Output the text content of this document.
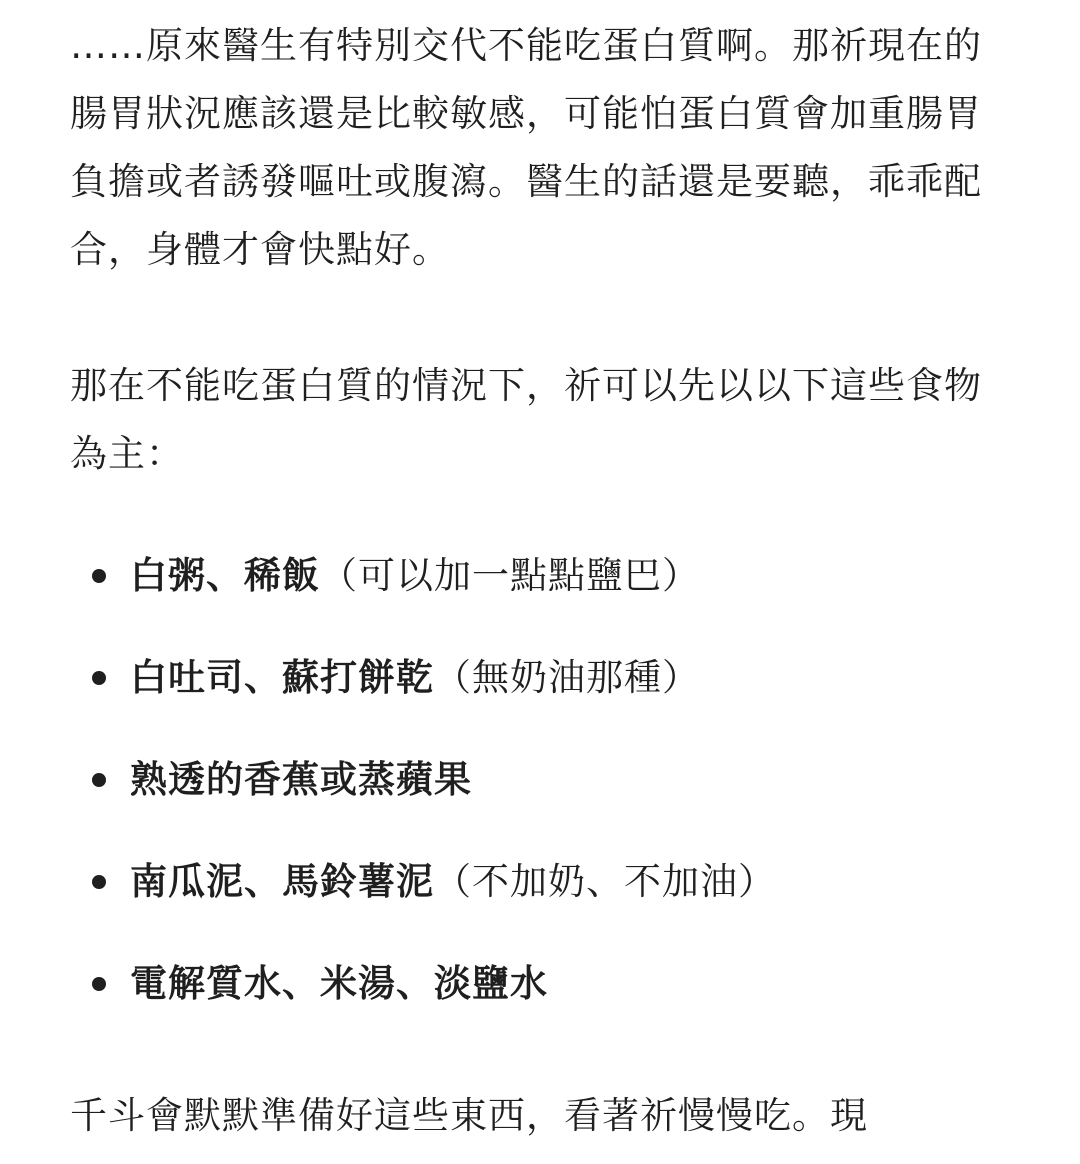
……原來醫生有特別交代不能吃蛋白質啊。那祈現在的腸胃狀況應該還是比較敏感，可能怕蛋白質會加重腸胃負擔或者誘發嘔吐或腹瀉。醫生的話還是要聽，乖乖配合，身體才會快點好。

那在不能吃蛋白質的情況下，祈可以先以以下這些食物為主：

白粥、稀飯（可以加一點點鹽巴）
白吐司、蘇打餅乾（無奶油那種）
熟透的香蕉或蒸蘋果
南瓜泥、馬鈴薯泥（不加奶、不加油）
電解質水、米湯、淡鹽水

千斗會默默準備好這些東西，看著祈慢慢吃。現
